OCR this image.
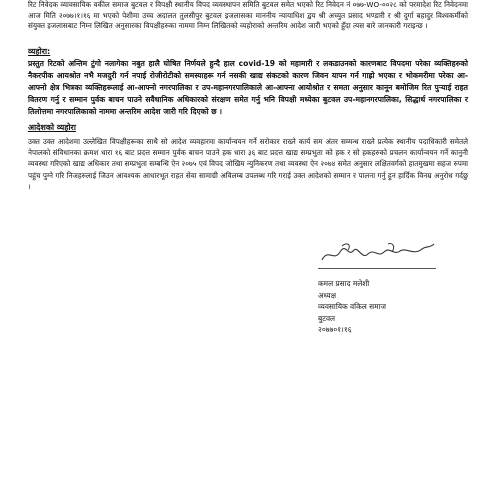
रिट निवेदक व्यावसायिक वकील समाज बुटवल र विपक्षी स्थानीय विपद व्यवस्थापन समिति बुटवल समेत भएको रिट निवेदन नं ०७७-WO-००२८ को परमादेश रिट निवेदनमा आज मिति २०७७।१।१६ मा भएको पेशीमा उच्च अदालत तुलसीपुर बुटवल इजलासका माननीय न्यायाधिश द्वय श्री अच्युत प्रसाद भण्डारी र श्री दुर्गा बहादुर विश्वकर्मीको संयुक्त इजलासबाट निम्न लिखित अनुसारका विपक्षीहरुका नाममा निम्न लिखितको व्यहोराको अन्तरिम आदेश जारी भएको हुँदा त्यस बारे जानकारी गराइन्छ ।

व्यहोरा:

प्रस्तुत रिटको अन्तिम टुंगो नलागेका नबुत हालै घोषित निर्णयले हुन्दै हाल covid-19 को महामारी र लकडाउनको कारणबाट विपदमा परेका व्यक्तिहरुको नैकरपीक आयश्रोत नभै मजदुरी गर्न नपाई रोजीरोटीको समस्याहरू गर्न नसकी खाद्य संकटको कारण जिवन यापन गर्न गाह्रो भएका र भोकमरीमा परेका आ-आफ्नो क्षेत्र भित्रका व्यक्तिहरूलाई आ-आफ्नो नगरपालिका र उप-महानगरपालिकाले आ-आफ्ना आयोश्रोत र समता अनुसार कानून बमोजिम रित पुऱ्याई राहत वितरण गर्नु र सम्मान पुर्वक बाचन पाउने सवैधानिक अधिकारको संरक्षण समेत गर्नु भनि विपक्षी मध्येका बुटवल उप-महानगरपालिका, सिद्धार्थ नगरपालिका र तिलोत्तमा नगरपालिकाको नाममा अन्तरिम आदेश जारी गरि दिएको छ ।

आदेशको व्यहोरा

उक्त उक्त आदेशमा उल्लेखित विपक्षीहरूका साथै सो आदेश व्यवहारमा कार्यान्वयन गर्ने सरोकार राख्ने कार्य सम अंतर सम्मन्ध राख्ने प्रत्येक स्थानीय पदाधिकारी समेतले नेपालको संविधानका क्रमश धारा १६ बाट प्रदत्त सम्मान पुर्वक बाचन पाउने हक धारा ३६ बाट प्रदत्त खाद्य सम्प्रभुता को हक र सो हकहरुको प्रचलन कार्यान्वयन गर्ने कानुनी व्यवस्था गरिएको खाद्य अधिकार तथा सम्प्रभुता सम्बन्धि ऐन २०७५ एवं विपद जोखिम न्युनिकरण तथा व्यवस्था ऐन २०७४ समेत अनुसार लक्षितवर्गको हातमुखमा सहज रुपमा पहुंच पुग्ने गरि निजहरुलाई जिउन आवश्यक आधारभूत राहत सेवा सामाग्री अविलम्ब उपलब्ध गरि गराई उक्त आदेशको सम्मान र पालना गर्नु हुन हार्दिक विनम्र अनुरोध गर्दछु ।

कमल प्रसाद मलेशी
अध्यक्ष
व्यवसायिक वकिल समाज
बुटवल
२०७७०१।१६
